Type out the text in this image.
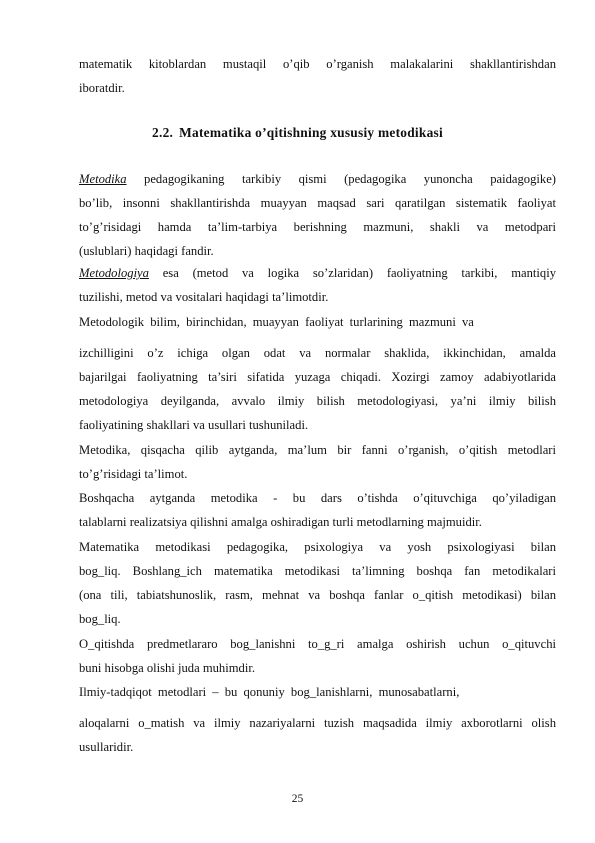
matematik kitoblardan mustaqil o’qib o’rganish malakalarini shakllantirishdan
iboratdir.
2.2. Matematika o’qitishning xususiy metodikasi
Metodika pedagogikaning tarkibiy qismi (pedagogika yunoncha paidagogike)
bo’lib, insonni shakllantirishda muayyan maqsad sari qaratilgan sistematik faoliyat
to’g’risidagi hamda ta’lim-tarbiya berishning mazmuni, shakli va metodpari
(uslublari) haqidagi fandir.
Metodologiya esa (metod va logika so’zlaridan) faoliyatning tarkibi, mantiqiy
tuzilishi, metod va vositalari haqidagi ta’limotdir.
Metodologik bilim, birinchidan, muayyan faoliyat turlarining mazmuni va
izchilligini o’z ichiga olgan odat va normalar shaklida, ikkinchidan, amalda
bajarilgai faoliyatning ta’siri sifatida yuzaga chiqadi. Xozirgi zamoy adabiyotlarida
metodologiya deyilganda, avvalo ilmiy bilish metodologiyasi, ya’ni ilmiy bilish
faoliyatining shakllari va usullari tushuniladi.
Metodika, qisqacha qilib aytganda, ma’lum bir fanni o’rganish, o’qitish metodlari
to’g’risidagi ta’limot.
Boshqacha aytganda metodika - bu dars o’tishda o’qituvchiga qo’yiladigan
talablarni realizatsiya qilishni amalga oshiradigan turli metodlarning majmuidir.
Matematika metodikasi pedagogika, psixologiya va yosh psixologiyasi bilan
bog_liq. Boshlang_ich matematika metodikasi ta’limning boshqa fan metodikalari
(ona tili, tabiatshunoslik, rasm, mehnat va boshqa fanlar o_qitish metodikasi) bilan
bog_liq.
O_qitishda predmetlararo bog_lanishni to_g_ri amalga oshirish uchun o_qituvchi
buni hisobga olishi juda muhimdir.
Ilmiy-tadqiqot metodlari – bu qonuniy bog_lanishlarni, munosabatlarni,
aloqalarni o_matish va ilmiy nazariyalarni tuzish maqsadida ilmiy axborotlarni olish
usullaridir.
25
